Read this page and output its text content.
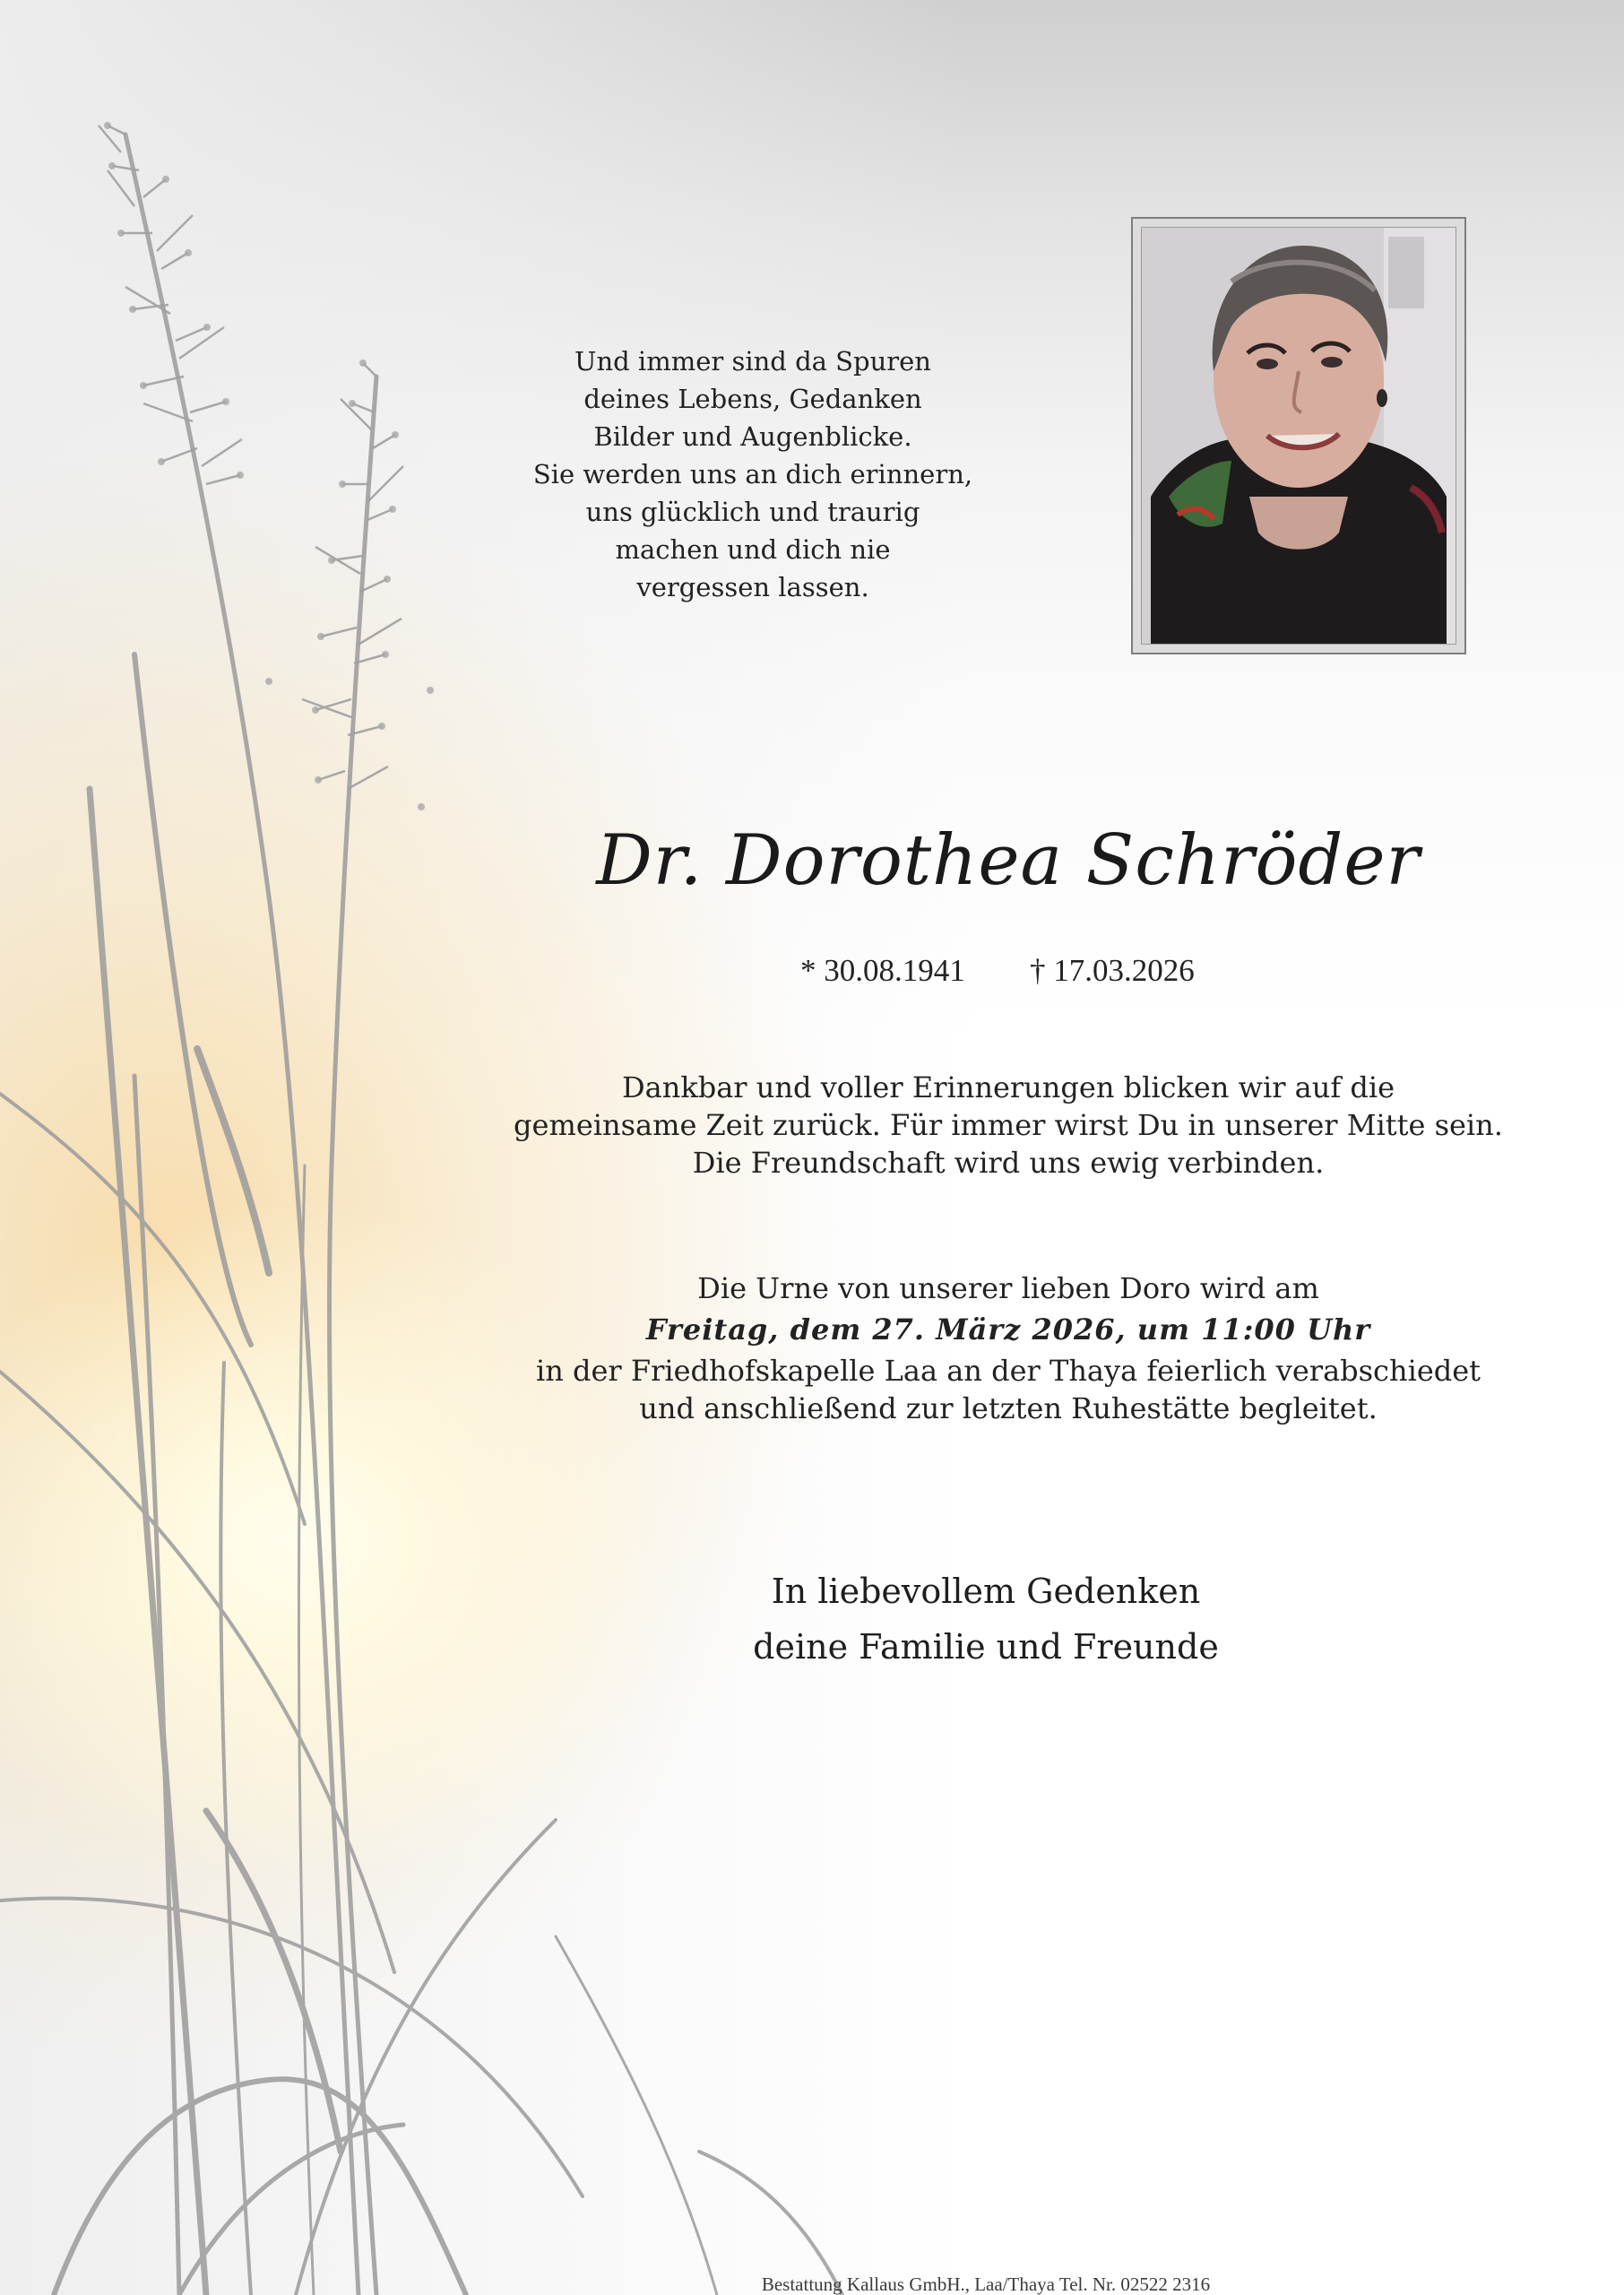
Und immer sind da Spuren
deines Lebens, Gedanken
Bilder und Augenblicke.
Sie werden uns an dich erinnern,
uns glücklich und traurig
machen und dich nie
vergessen lassen.
Dr. Dorothea Schröder
* 30.08.1941 † 17.03.2026
Dankbar und voller Erinnerungen blicken wir auf die
gemeinsame Zeit zurück. Für immer wirst Du in unserer Mitte sein.
Die Freundschaft wird uns ewig verbinden.
Die Urne von unserer lieben Doro wird am
Freitag, dem 27. März 2026, um 11:00 Uhr
in der Friedhofskapelle Laa an der Thaya feierlich verabschiedet
und anschließend zur letzten Ruhestätte begleitet.
In liebevollem Gedenken
deine Familie und Freunde
Bestattung Kallaus GmbH., Laa/Thaya Tel. Nr. 02522 2316
